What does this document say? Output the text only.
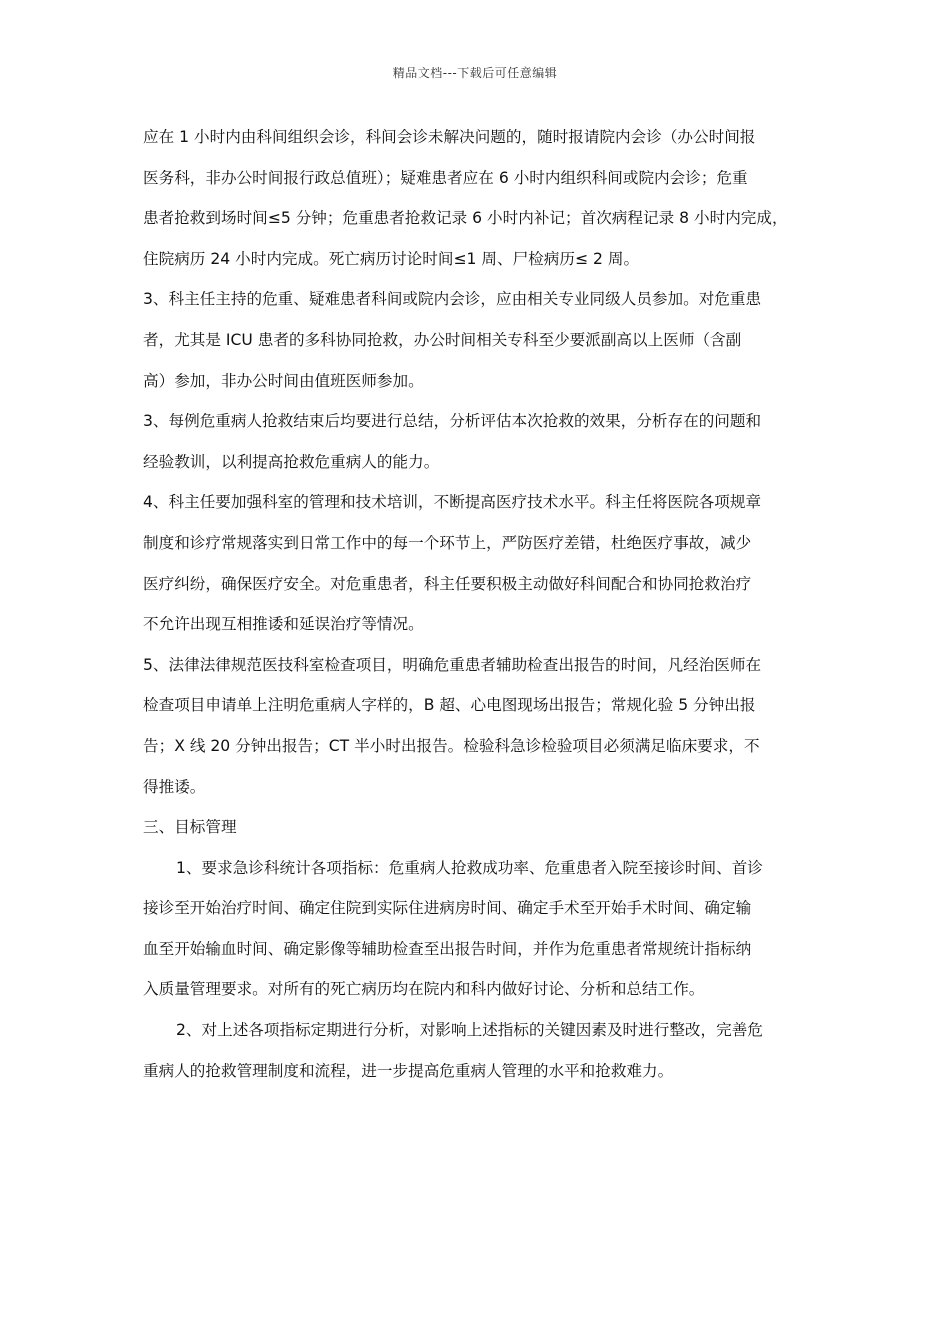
精品文档---下载后可任意编辑
应在 1 小时内由科间组织会诊，科间会诊未解决问题的，随时报请院内会诊（办公时间报
医务科，非办公时间报行政总值班）；疑难患者应在 6 小时内组织科间或院内会诊；危重
患者抢救到场时间≤5 分钟；危重患者抢救记录 6 小时内补记；首次病程记录 8 小时内完成，
住院病历 24 小时内完成。死亡病历讨论时间≤1 周、尸检病历≤ 2 周。
3、科主任主持的危重、疑难患者科间或院内会诊，应由相关专业同级人员参加。对危重患
者，尤其是 ICU 患者的多科协同抢救，办公时间相关专科至少要派副高以上医师（含副
高）参加，非办公时间由值班医师参加。
3、每例危重病人抢救结束后均要进行总结，分析评估本次抢救的效果，分析存在的问题和
经验教训，以利提高抢救危重病人的能力。
4、科主任要加强科室的管理和技术培训，不断提高医疗技术水平。科主任将医院各项规章
制度和诊疗常规落实到日常工作中的每一个环节上，严防医疗差错，杜绝医疗事故，减少
医疗纠纷，确保医疗安全。对危重患者，科主任要积极主动做好科间配合和协同抢救治疗
不允许出现互相推诿和延误治疗等情况。
5、法律法律规范医技科室检查项目，明确危重患者辅助检查出报告的时间，凡经治医师在
检查项目申请单上注明危重病人字样的，B 超、心电图现场出报告；常规化验 5 分钟出报
告；X 线 20 分钟出报告；CT 半小时出报告。检验科急诊检验项目必须满足临床要求，不
得推诿。
三、目标管理
1、要求急诊科统计各项指标：危重病人抢救成功率、危重患者入院至接诊时间、首诊
接诊至开始治疗时间、确定住院到实际住进病房时间、确定手术至开始手术时间、确定输
血至开始输血时间、确定影像等辅助检查至出报告时间，并作为危重患者常规统计指标纳
入质量管理要求。对所有的死亡病历均在院内和科内做好讨论、分析和总结工作。
2、对上述各项指标定期进行分析，对影响上述指标的关键因素及时进行整改，完善危
重病人的抢救管理制度和流程，进一步提高危重病人管理的水平和抢救难力。
